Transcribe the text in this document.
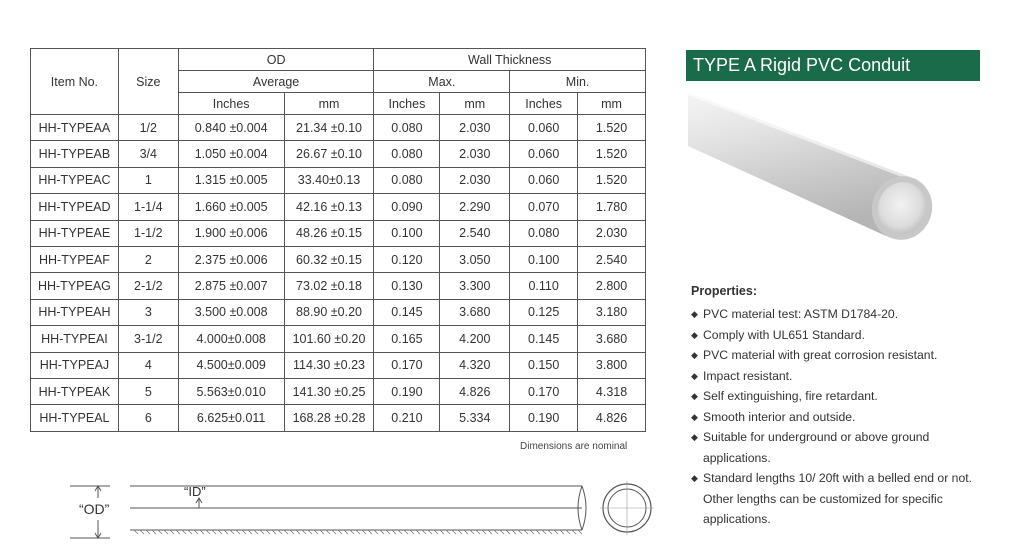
Item No.	Size	OD		Wall Thickness			
		Average		Max.		Min.	
		Inches	mm	Inches	mm	Inches	mm
HH-TYPEAA	1/2	0.840 ±0.004	21.34 ±0.10	0.080	2.030	0.060	1.520
HH-TYPEAB	3/4	1.050 ±0.004	26.67 ±0.10	0.080	2.030	0.060	1.520
HH-TYPEAC	1	1.315 ±0.005	33.40±0.13	0.080	2.030	0.060	1.520
HH-TYPEAD	1-1/4	1.660 ±0.005	42.16 ±0.13	0.090	2.290	0.070	1.780
HH-TYPEAE	1-1/2	1.900 ±0.006	48.26 ±0.15	0.100	2.540	0.080	2.030
HH-TYPEAF	2	2.375 ±0.006	60.32 ±0.15	0.120	3.050	0.100	2.540
HH-TYPEAG	2-1/2	2.875 ±0.007	73.02 ±0.18	0.130	3.300	0.110	2.800
HH-TYPEAH	3	3.500 ±0.008	88.90 ±0.20	0.145	3.680	0.125	3.180
HH-TYPEAI	3-1/2	4.000±0.008	101.60 ±0.20	0.165	4.200	0.145	3.680
HH-TYPEAJ	4	4.500±0.009	114.30 ±0.23	0.170	4.320	0.150	3.800
HH-TYPEAK	5	5.563±0.010	141.30 ±0.25	0.190	4.826	0.170	4.318
HH-TYPEAL	6	6.625±0.011	168.28 ±0.28	0.210	5.334	0.190	4.826
Dimensions are nominal
TYPE A Rigid PVC Conduit
Properties:
◆ PVC material test: ASTM D1784-20.
◆ Comply with UL651 Standard.
◆ PVC material with great corrosion resistant.
◆ Impact resistant.
◆ Self extinguishing, fire retardant.
◆ Smooth interior and outside.
◆ Suitable for underground or above ground applications.
◆ Standard lengths 10/ 20ft with a belled end or not. Other lengths can be customized for specific applications.
“OD”
“ID”
